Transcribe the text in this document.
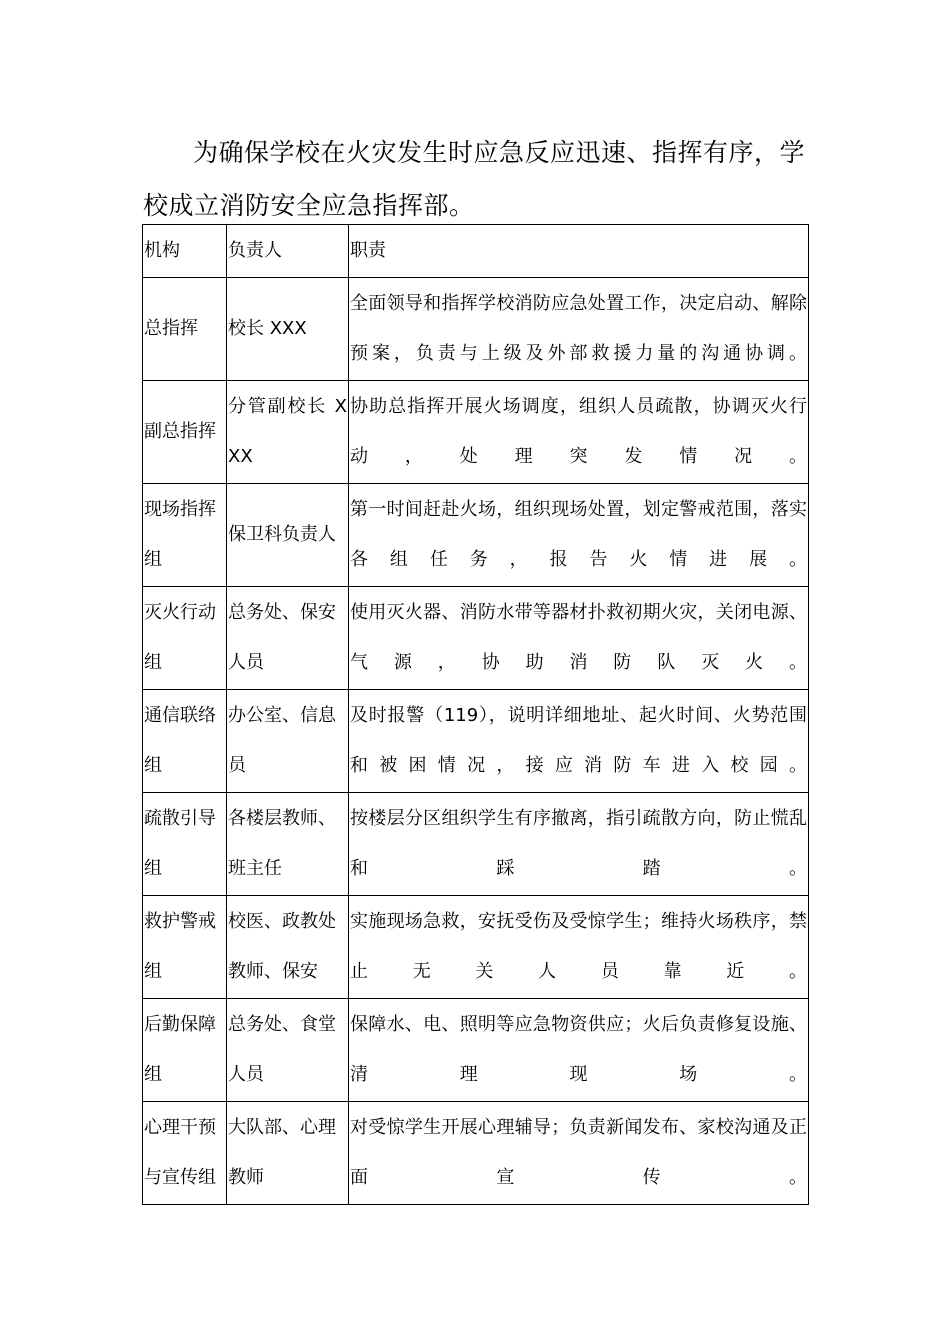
为确保学校在火灾发生时应急反应迅速、指挥有序，学校成立消防安全应急指挥部。

机构	负责人	职责
总指挥	校长 XXX	全面领导和指挥学校消防应急处置工作，决定启动、解除预案，负责与上级及外部救援力量的沟通协调。
副总指挥	分管副校长 XXX	协助总指挥开展火场调度，组织人员疏散，协调灭火行动，处理突发情况。
现场指挥组	保卫科负责人	第一时间赶赴火场，组织现场处置，划定警戒范围，落实各组任务，报告火情进展。
灭火行动组	总务处、保安人员	使用灭火器、消防水带等器材扑救初期火灾，关闭电源、气源，协助消防队灭火。
通信联络组	办公室、信息员	及时报警（119），说明详细地址、起火时间、火势范围和被困情况，接应消防车进入校园。
疏散引导组	各楼层教师、班主任	按楼层分区组织学生有序撤离，指引疏散方向，防止慌乱和踩踏。
救护警戒组	校医、政教处教师、保安	实施现场急救，安抚受伤及受惊学生；维持火场秩序，禁止无关人员靠近。
后勤保障组	总务处、食堂人员	保障水、电、照明等应急物资供应；火后负责修复设施、清理现场。
心理干预与宣传组	大队部、心理教师	对受惊学生开展心理辅导；负责新闻发布、家校沟通及正面宣传。
